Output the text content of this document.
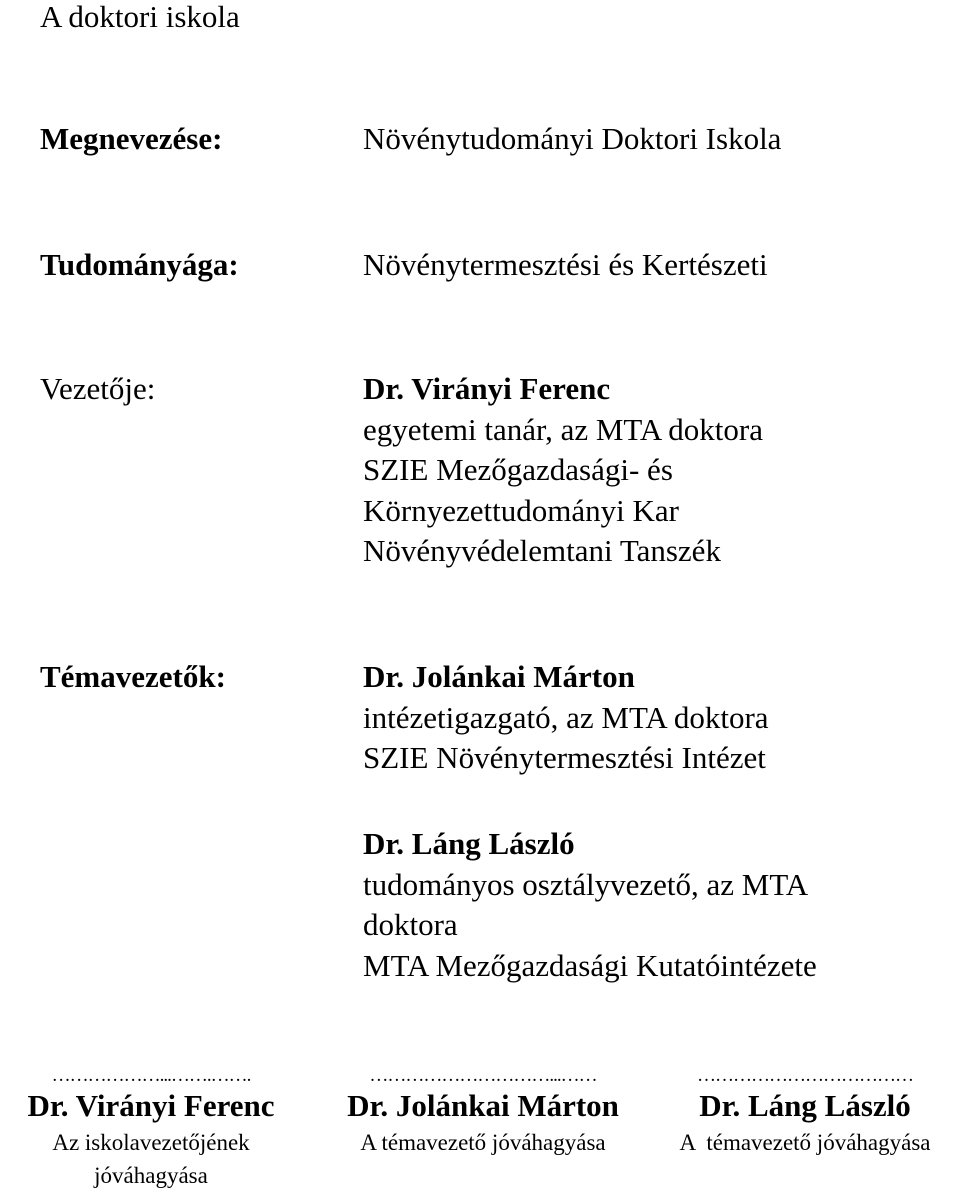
A doktori iskola
Megnevezése:	Növénytudományi Doktori Iskola
Tudományága:	Növénytermesztési és Kertészeti
Vezetője:	Dr. Virányi Ferenc
egyetemi tanár, az MTA doktora
SZIE Mezőgazdasági- és
Környezettudományi Kar
Növényvédelemtani Tanszék
Témavezetők:	Dr. Jolánkai Márton
intézetigazgató, az MTA doktora
SZIE Növénytermesztési Intézet
Dr. Láng László
tudományos osztályvezető, az MTA
doktora
MTA Mezőgazdasági Kutatóintézete
………………...…….…….
Dr. Virányi Ferenc
Az iskolavezetőjének jóváhagyása
…………………………...……
Dr. Jolánkai Márton
A témavezető jóváhagyása
………………………………
Dr. Láng László
A  témavezető jóváhagyása
